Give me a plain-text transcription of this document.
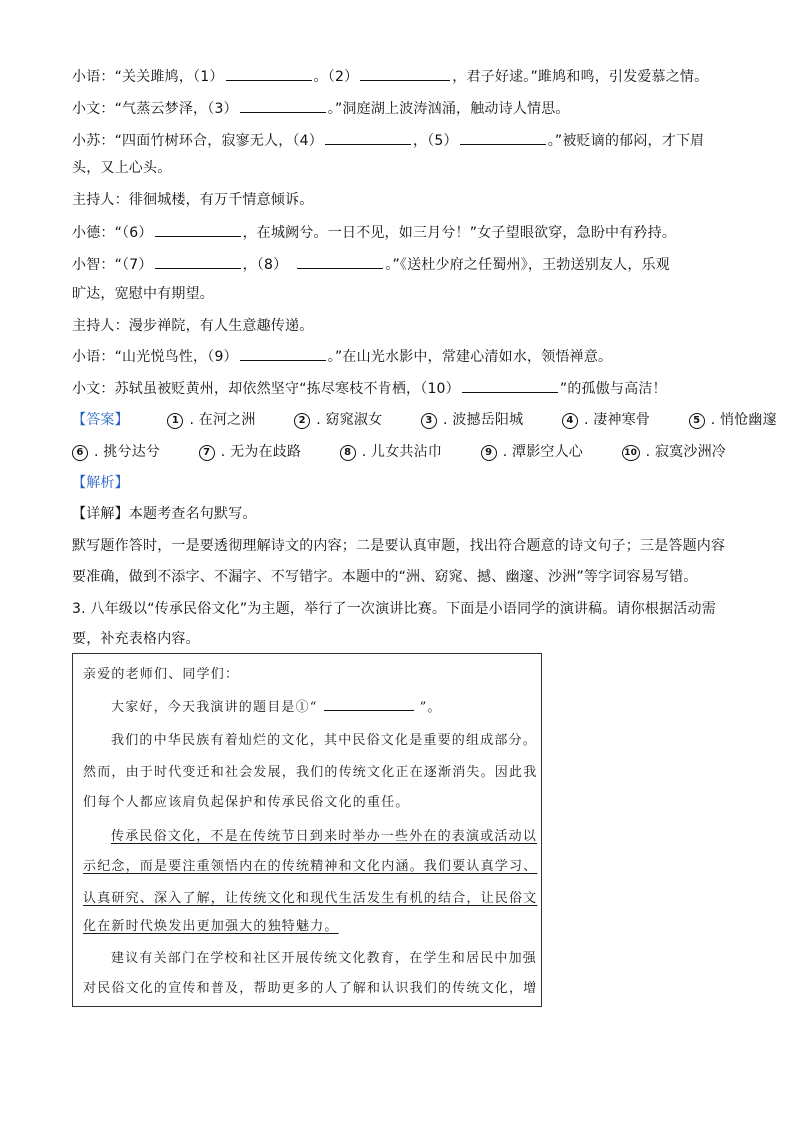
小语：“关关雎鸠，（1）	。（2）	，君子好逑。”雎鸠和鸣，引发爱慕之情。
小文：“气蒸云梦泽，（3）	。”洞庭湖上波涛汹涌，触动诗人情思。
小苏：“四面竹树环合，寂寥无人，（4）	，（5）	。”被贬谪的郁闷，才下眉
头，又上心头。
主持人：徘徊城楼，有万千情意倾诉。
小德：“（6）	，在城阙兮。一日不见，如三月兮！”女子望眼欲穿，急盼中有矜持。
小智：“（7）	，（8）	。”《送杜少府之任蜀州》，王勃送别友人，乐观
旷达，宽慰中有期望。
主持人：漫步禅院，有人生意趣传递。
小语：“山光悦鸟性，（9）	。”在山光水影中，常建心清如水，领悟禅意。
小文：苏轼虽被贬黄州，却依然坚守“拣尽寒枝不肯栖，（10）	”的孤傲与高洁！
【答案】	1 . 在河之洲	2 . 窈窕淑女	3 . 波撼岳阳城	4 . 凄神寒骨	5 . 悄怆幽邃
6 . 挑兮达兮	7 . 无为在歧路	8 . 儿女共沾巾	9 . 潭影空人心	10 . 寂寞沙洲冷
【解析】
【详解】本题考查名句默写。
默写题作答时，一是要透彻理解诗文的内容；二是要认真审题，找出符合题意的诗文句子；三是答题内容
要准确，做到不添字、不漏字、不写错字。本题中的“洲、窈窕、撼、幽邃、沙洲”等字词容易写错。
3. 八年级以“传承民俗文化”为主题，举行了一次演讲比赛。下面是小语同学的演讲稿。请你根据活动需
要，补充表格内容。
亲爱的老师们、同学们：
大家好，今天我演讲的题目是①“	”。
我们的中华民族有着灿烂的文化，其中民俗文化是重要的组成部分。
然而，由于时代变迁和社会发展，我们的传统文化正在逐渐消失。因此我
们每个人都应该肩负起保护和传承民俗文化的重任。
传承民俗文化，不是在传统节日到来时举办一些外在的表演或活动以
示纪念，而是要注重领悟内在的传统精神和文化内涵。我们要认真学习、
认真研究、深入了解，让传统文化和现代生活发生有机的结合，让民俗文
化在新时代焕发出更加强大的独特魅力。
建议有关部门在学校和社区开展传统文化教育，在学生和居民中加强
对民俗文化的宣传和普及，帮助更多的人了解和认识我们的传统文化，增
